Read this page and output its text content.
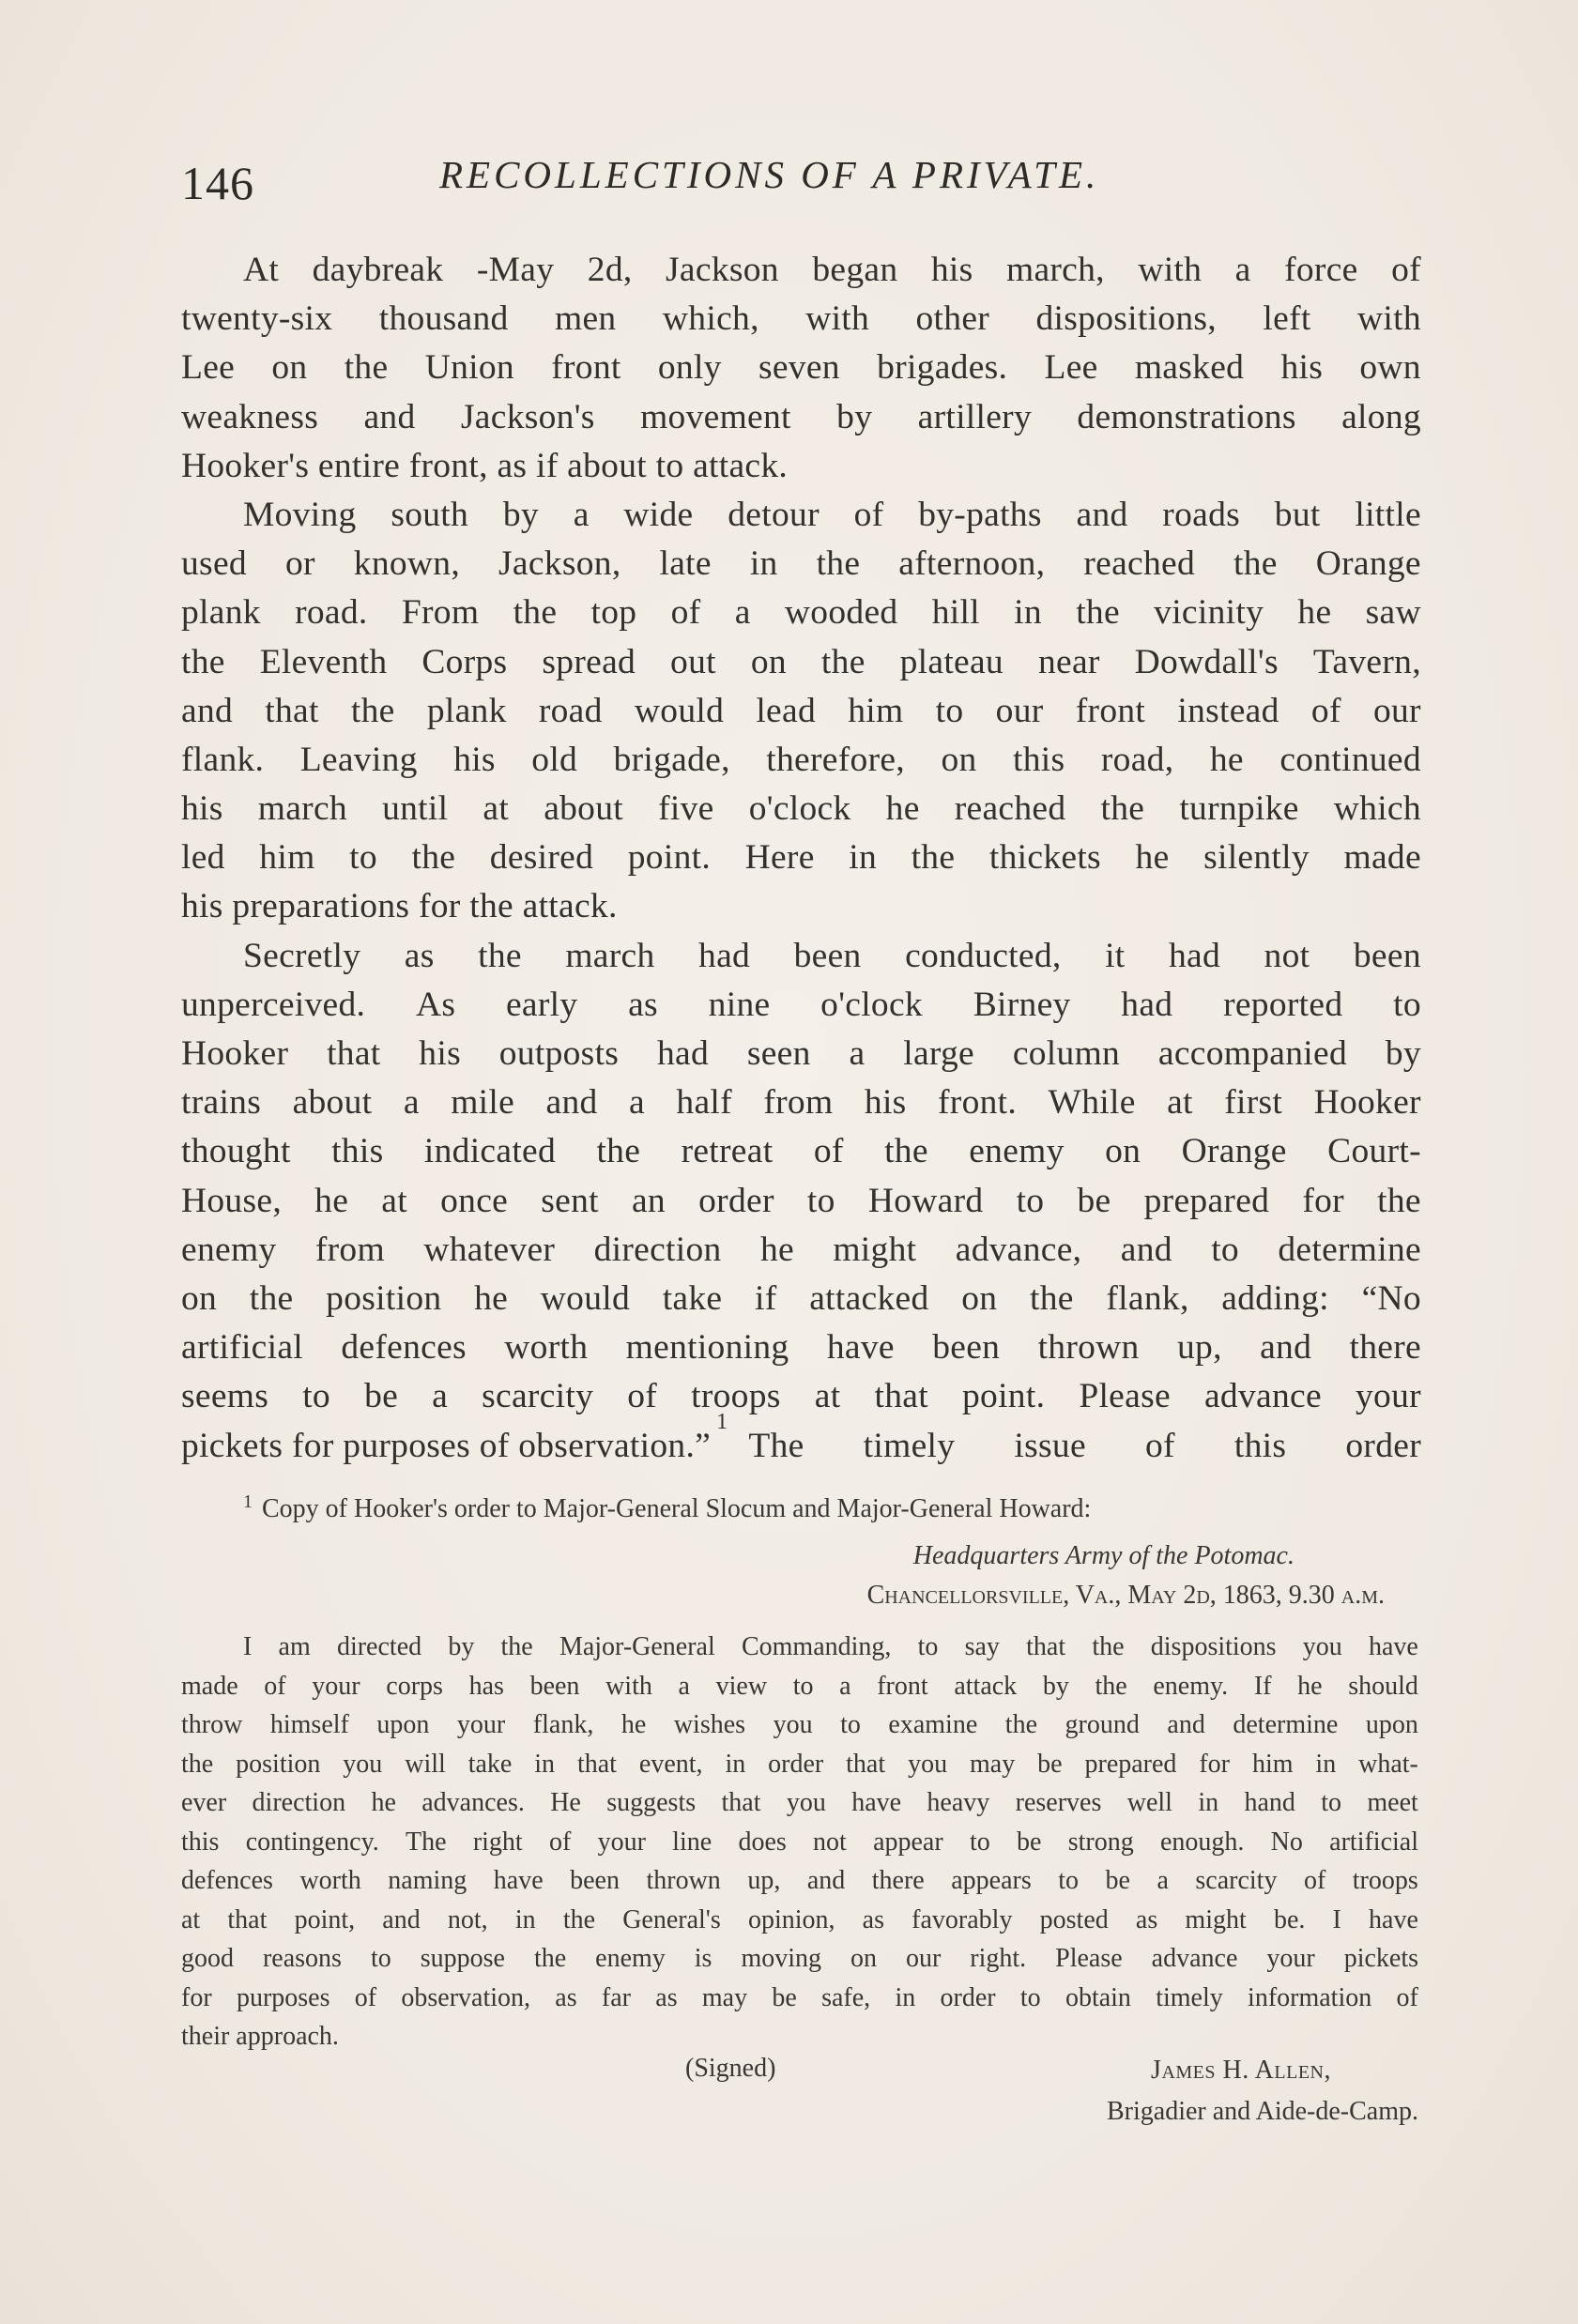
146	RECOLLECTIONS OF A PRIVATE.
At daybreak -May 2d, Jackson began his march, with a force of
twenty-six thousand men which, with other dispositions, left with
Lee on the Union front only seven brigades. Lee masked his own
weakness and Jackson's movement by artillery demonstrations along
Hooker's entire front, as if about to attack.
Moving south by a wide detour of by-paths and roads but little
used or known, Jackson, late in the afternoon, reached the Orange
plank road. From the top of a wooded hill in the vicinity he saw
the Eleventh Corps spread out on the plateau near Dowdall's Tavern,
and that the plank road would lead him to our front instead of our
flank. Leaving his old brigade, therefore, on this road, he continued
his march until at about five o'clock he reached the turnpike which
led him to the desired point. Here in the thickets he silently made
his preparations for the attack.
Secretly as the march had been conducted, it had not been
unperceived. As early as nine o'clock Birney had reported to
Hooker that his outposts had seen a large column accompanied by
trains about a mile and a half from his front. While at first Hooker
thought this indicated the retreat of the enemy on Orange Court-
House, he at once sent an order to Howard to be prepared for the
enemy from whatever direction he might advance, and to determine
on the position he would take if attacked on the flank, adding: “No
artificial defences worth mentioning have been thrown up, and there
seems to be a scarcity of troops at that point. Please advance your
pickets for purposes of observation.”
1
The timely issue of this order
$^1$ Copy of Hooker's order to Major-General Slocum and Major-General Howard:
Headquarters Army of the Potomac.
Chancellorsville, Va., May 2d, 1863, 9.30 a.m.
I am directed by the Major-General Commanding, to say that the dispositions you have
made of your corps has been with a view to a front attack by the enemy. If he should
throw himself upon your flank, he wishes you to examine the ground and determine upon
the position you will take in that event, in order that you may be prepared for him in what-
ever direction he advances. He suggests that you have heavy reserves well in hand to meet
this contingency. The right of your line does not appear to be strong enough. No artificial
defences worth naming have been thrown up, and there appears to be a scarcity of troops
at that point, and not, in the General's opinion, as favorably posted as might be. I have
good reasons to suppose the enemy is moving on our right. Please advance your pickets
for purposes of observation, as far as may be safe, in order to obtain timely information of
their approach.
(Signed)	James H. Allen,
Brigadier and Aide-de-Camp.
